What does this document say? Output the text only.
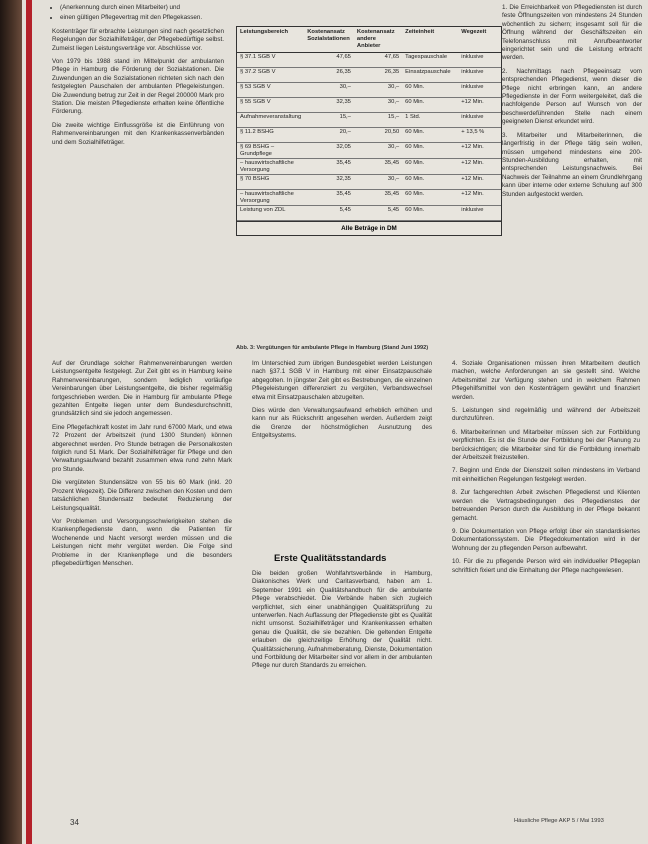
• (Anerkennung durch einen Mitarbeiter) und
• einen gültigen Pflegevertrag mit den Pflegekassen.

Kostenträger für erbrachte Leistungen sind nach gesetzlichen Regelungen der Sozialhilfeträger, der Pflegebedürftige selbst. Zumeist liegen Leistungsverträge vor. Abschlüsse vor.

Von 1979 bis 1988 stand im Mittelpunkt der ambulanten Pflege in Hamburg die Förderung der Sozialstationen. Die Zuwendungen an die Sozialstationen richteten sich nach den festgelegten Pauschalen der ambulanten Pflegeleistungen. Die Zuwendung betrug zur Zeit in der Regel 200000 Mark pro Station. Die meisten Pflegedienste erhalten keine öffentliche Förderung.

Die zweite wichtige Einflussgröße ist die Einführung von Rahmenvereinbarungen mit den Krankenkassenverbänden und dem Sozialhilfeträger.

Leistungsbereich	Kostenansatz Sozialstationen	Kostenansatz andere Anbieter	Zeiteinheit	Wegezeit
§ 37.1 SGB V	47,65	47,65	Tagespauschale	inklusive
§ 37.2 SGB V	26,35	26,35	Einsatzpauschale	inklusive
§ 53 SGB V	30,–	30,–	60 Min.	inklusive
§ 55 SGB V	32,35	30,–	60 Min.	+12 Min.
Aufnahmeveranstaltung	15,–	15,–	1 Std.	inklusive
§ 11.2 BSHG	20,–	20,50	60 Min.	+ 13,5 %
§ 69 BSHG – Grundpflege	32,05	30,–	60 Min.	+12 Min.
– hauswirtschaftliche Versorgung	35,45	35,45	60 Min.	+12 Min.
§ 70 BSHG	32,35	30,–	60 Min.	+12 Min.
– hauswirtschaftliche Versorgung	35,45	35,45	60 Min.	+12 Min.
Leistung von ZDL	5,45	5,45	60 Min.	inklusive
Alle Beträge in DM
Abb. 3: Vergütungen für ambulante Pflege in Hamburg (Stand Juni 1992)

1. Die Erreichbarkeit von Pflegediensten ist durch feste Öffnungszeiten von mindestens 24 Stunden wöchentlich zu sichern; insgesamt soll für die Öffnung während der Geschäftszeiten ein Telefonanschluss mit Anrufbeantworter eingerichtet sein und die Leistung erbracht werden.

2. Nachmittags nach Pflegeeinsatz vom entsprechenden Pflegedienst, wenn dieser die Pflege nicht erbringen kann, an andere Pflegedienste in der Form weitergeleitet, daß die nachfolgende Person auf Wunsch von der beschwerdeführenden Stelle nach einem geeigneten Dienst erkundet wird.

3. Mitarbeiter und Mitarbeiterinnen, die längerfristig in der Pflege tätig sein wollen, müssen umgehend mindestens eine 200-Stunden-Ausbildung erhalten, mit entsprechenden Leistungsnachweis. Bei Nachweis der Teilnahme an einem Grundlehrgang kann über interne oder externe Schulung auf 300 Stunden aufgestockt werden.

Auf der Grundlage solcher Rahmenvereinbarungen werden Leistungsentgelte festgelegt. Zur Zeit gibt es in Hamburg keine Rahmenvereinbarungen, sondern lediglich vorläufige Vereinbarungen über Leistungsentgelte, die bisher regelmäßig fortgeschrieben werden. Die in Hamburg für ambulante Pflege gezahlten Entgelte liegen unter dem Bundesdurchschnitt, grundsätzlich sind sie jedoch angemessen.

Eine Pflegefachkraft kostet im Jahr rund 67000 Mark, und etwa 72 Prozent der Arbeitszeit (rund 1300 Stunden) können abgerechnet werden. Pro Stunde betragen die Personalkosten folglich rund 51 Mark. Der Sozialhilfeträger für Pflege und den Verwaltungsaufwand bezahlt zusammen etwa rund zehn Mark pro Stunde.

Die vergüteten Stundensätze von 55 bis 60 Mark (inkl. 20 Prozent Wegezeit). Die Differenz zwischen den Kosten und dem tatsächlichen Stundensatz bedeutet Reduzierung der Leistungsqualität.

Vor Problemen und Versorgungsschwierigkeiten stehen die Krankenpflegedienste dann, wenn die Patienten für Wochenende und Nacht versorgt werden müssen und die Leistungen nicht mehr vergütet werden. Die Folge sind Probleme in der Krankenpflege und die besonders pflegebedürftigen Menschen.

Im Unterschied zum übrigen Bundesgebiet werden Leistungen nach §37.1 SGB V in Hamburg mit einer Einsatzpauschale abgegolten. In jüngster Zeit gibt es Bestrebungen, die einzelnen Pflegeleistungen differenziert zu vergüten, Verbandswechsel etwa mit Einsatzpauschalen abzugelten.

Dies würde den Verwaltungsaufwand erheblich erhöhen und kann nur als Rückschritt angesehen werden. Außerdem zeigt die Grenze der höchstmöglichen Ausnutzung des Entgeltsystems.

Erste Qualitätsstandards

Die beiden großen Wohlfahrtsverbände in Hamburg, Diakonisches Werk und Caritasverband, haben am 1. September 1991 ein Qualitätshandbuch für die ambulante Pflege verabschiedet. Die Verbände haben sich zugleich verpflichtet, sich einer unabhängigen Qualitätsprüfung zu unterwerfen. Nach Auffassung der Pflegedienste gibt es Qualität nicht umsonst. Sozialhilfeträger und Krankenkassen erhalten genau die Qualität, die sie bezahlen. Die geltenden Entgelte erlauben die gleichzeitige Erhöhung der Qualität nicht. Qualitätssicherung, Aufnahmeberatung, Dienste, Dokumentation und Fortbildung der Mitarbeiter sind vor allem in der ambulanten Pflege nur durch Standards zu erreichen.

4. Soziale Organisationen müssen ihren Mitarbeitern deutlich machen, welche Anforderungen an sie gestellt sind. Welche Arbeitsmittel zur Verfügung stehen und in welchem Rahmen Pflegehilfsmittel von den Kostenträgern gewährt und finanziert werden.

5. Leistungen sind regelmäßig und während der Arbeitszeit durchzuführen.

6. Mitarbeiterinnen und Mitarbeiter müssen sich zur Fortbildung verpflichten. Es ist die Stunde der Fortbildung bei der Planung zu berücksichtigen; die Mitarbeiter sind für die Fortbildung innerhalb der Arbeitszeit freizustellen.

7. Beginn und Ende der Dienstzeit sollen mindestens im Verband mit einheitlichen Regelungen festgelegt werden.

8. Zur fachgerechten Arbeit zwischen Pflegedienst und Klienten werden die Vertragsbedingungen des Pflegedienstes der betreuenden Person durch die Ausbildung in der Pflege bekannt gemacht.

9. Die Dokumentation von Pflege erfolgt über ein standardisiertes Dokumentationssystem. Die Pflegedokumentation wird in der Wohnung der zu pflegenden Person aufbewahrt.

10. Für die zu pflegende Person wird ein individueller Pflegeplan schriftlich fixiert und die Einhaltung der Pflege nachgewiesen.

34	Häusliche Pflege AKP 5 / Mai 1993
